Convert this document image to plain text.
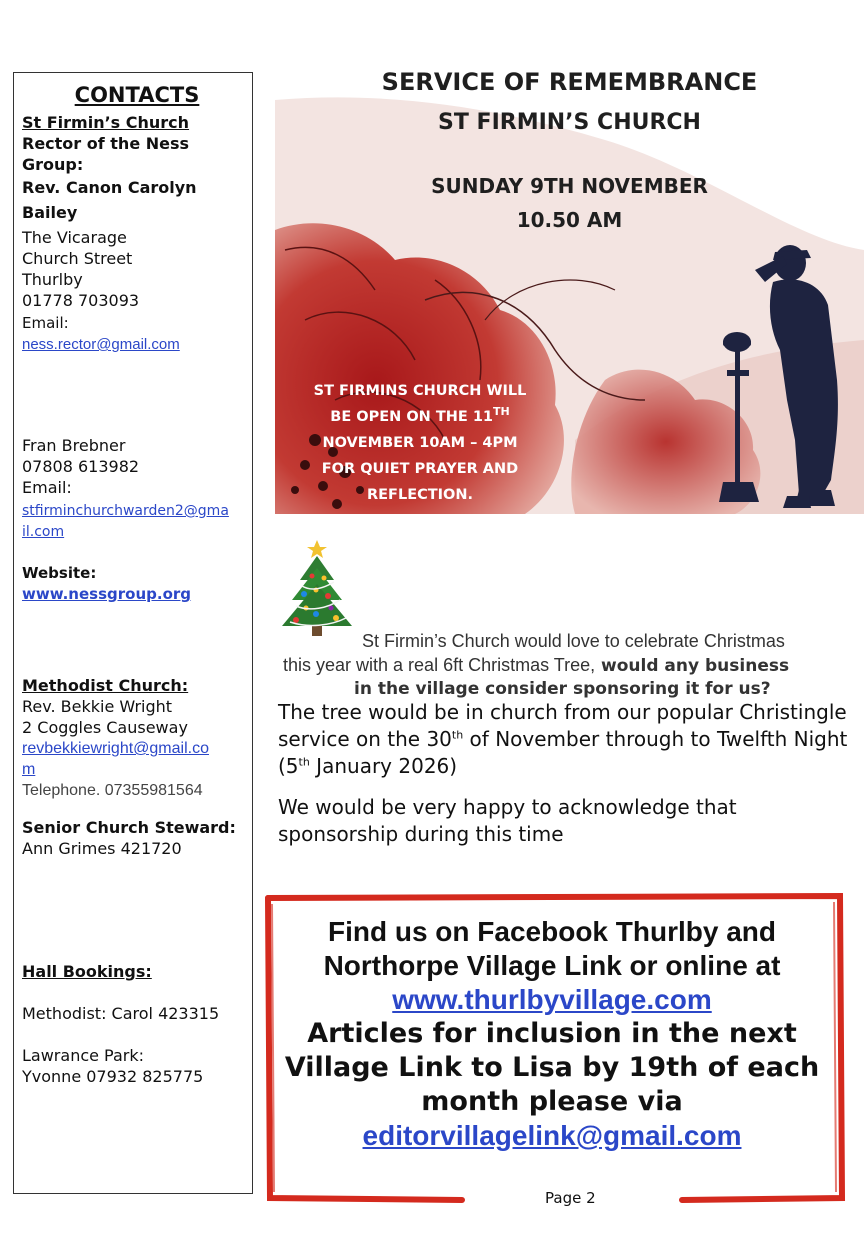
CONTACTS
St Firmin’s Church
Rector of the Ness
Group:
Rev. Canon Carolyn
Bailey
The Vicarage
Church Street
Thurlby
01778 703093
Email:
ness.rector@gmail.com
Fran Brebner
07808 613982
Email:
stfirminchurchwarden2@gma
il.com
Website:
www.nessgroup.org
Methodist Church:
Rev. Bekkie Wright
2 Coggles Causeway
revbekkiewright@gmail.co
m
Telephone. 07355981564
Senior Church Steward:
Ann Grimes 421720
Hall Bookings:
Methodist: Carol 423315
Lawrance Park:
Yvonne 07932 825775
SERVICE OF REMEMBRANCE
ST FIRMIN’S CHURCH
SUNDAY 9TH NOVEMBER
10.50 AM
ST FIRMINS CHURCH WILL
BE OPEN ON THE 11TH
NOVEMBER 10AM – 4PM
FOR QUIET PRAYER AND
REFLECTION.
St Firmin’s Church would love to celebrate Christmas
this year with a real 6ft Christmas Tree, would any business
in the village consider sponsoring it for us?

The tree would be in church from our popular Christingle service on the 30th of November through to Twelfth Night (5th January 2026)

We would be very happy to acknowledge that sponsorship during this time

Find us on Facebook Thurlby and
Northorpe Village Link or online at
www.thurlbyvillage.com
Articles for inclusion in the next
Village Link to Lisa by 19th of each
month please via
editorvillagelink@gmail.com
Page 2
